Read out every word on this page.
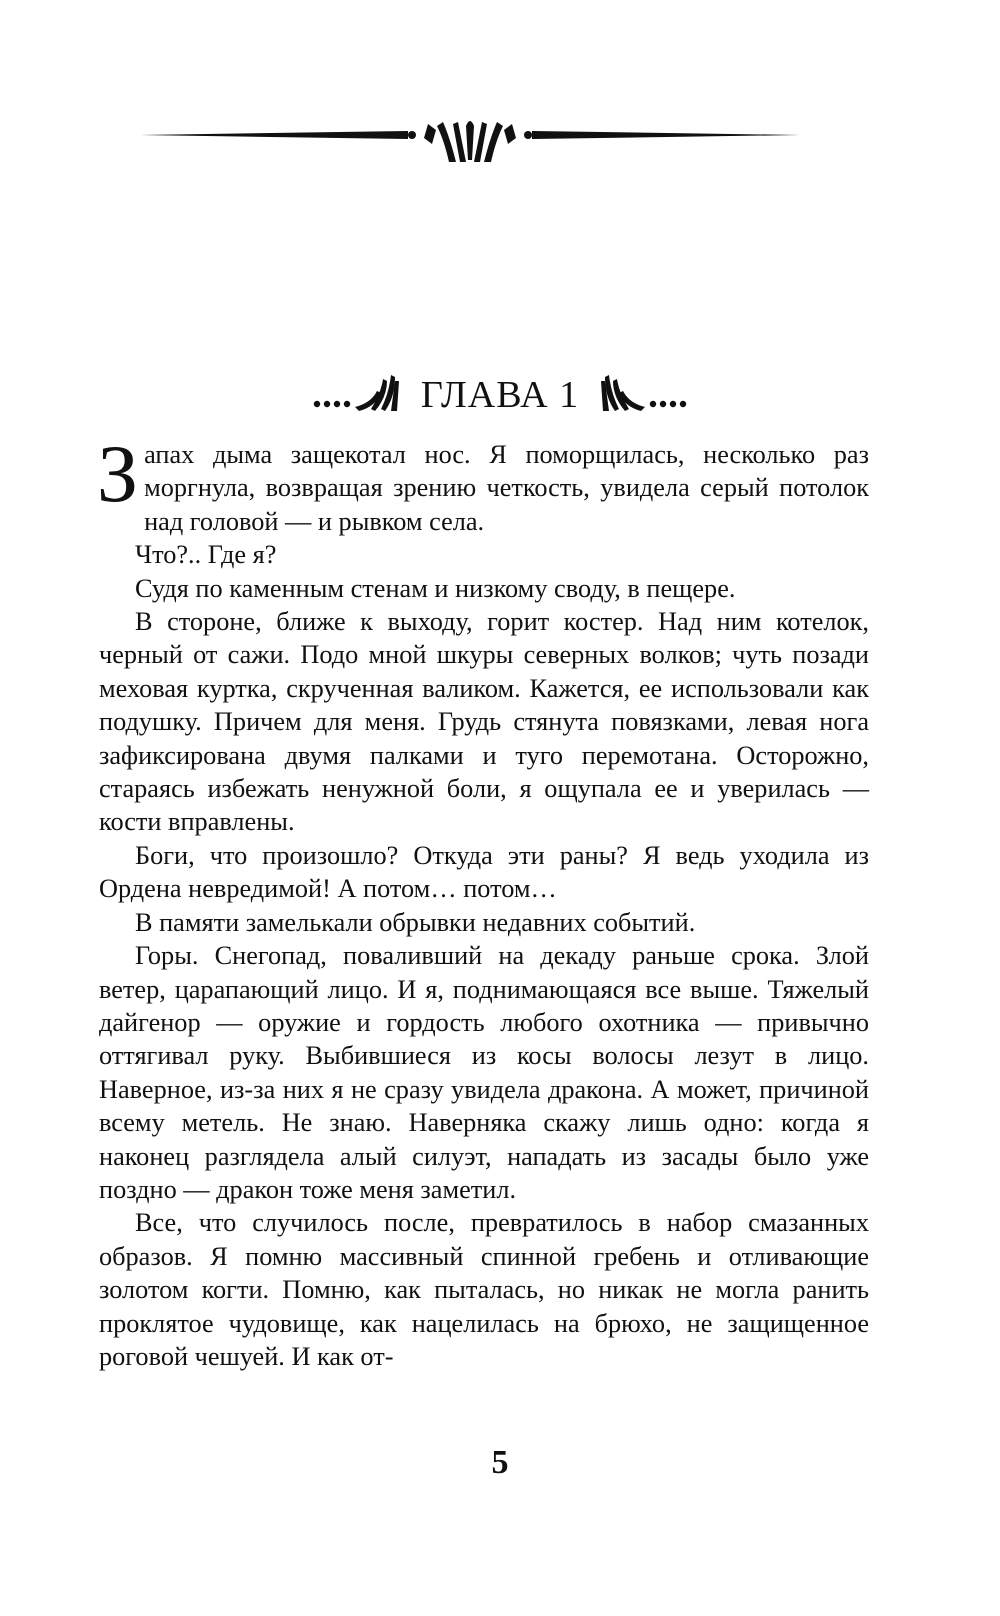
ГЛАВА 1

Запах дыма защекотал нос. Я поморщилась, несколько раз моргнула, возвращая зрению четкость, увидела серый потолок над головой — и рывком села.

Что?.. Где я?

Судя по каменным стенам и низкому своду, в пещере.

В стороне, ближе к выходу, горит костер. Над ним котелок, черный от сажи. Подо мной шкуры северных волков; чуть позади меховая куртка, скрученная валиком. Кажется, ее использовали как подушку. Причем для меня. Грудь стянута повязками, левая нога зафиксирована двумя палками и туго перемотана. Осторожно, стараясь избежать ненужной боли, я ощупала ее и уверилась — кости вправлены.

Боги, что произошло? Откуда эти раны? Я ведь уходила из Ордена невредимой! А потом… потом…

В памяти замелькали обрывки недавних событий.

Горы. Снегопад, поваливший на декаду раньше срока. Злой ветер, царапающий лицо. И я, поднимающаяся все выше. Тяжелый дайгенор — оружие и гордость любого охотника — привычно оттягивал руку. Выбившиеся из косы волосы лезут в лицо. Наверное, из-за них я не сразу увидела дракона. А может, причиной всему метель. Не знаю. Наверняка скажу лишь одно: когда я наконец разглядела алый силуэт, нападать из засады было уже поздно — дракон тоже меня заметил.

Все, что случилось после, превратилось в набор смазанных образов. Я помню массивный спинной гребень и отливающие золотом когти. Помню, как пыталась, но никак не могла ранить проклятое чудовище, как нацелилась на брюхо, не защищенное роговой чешуей. И как от-

5
